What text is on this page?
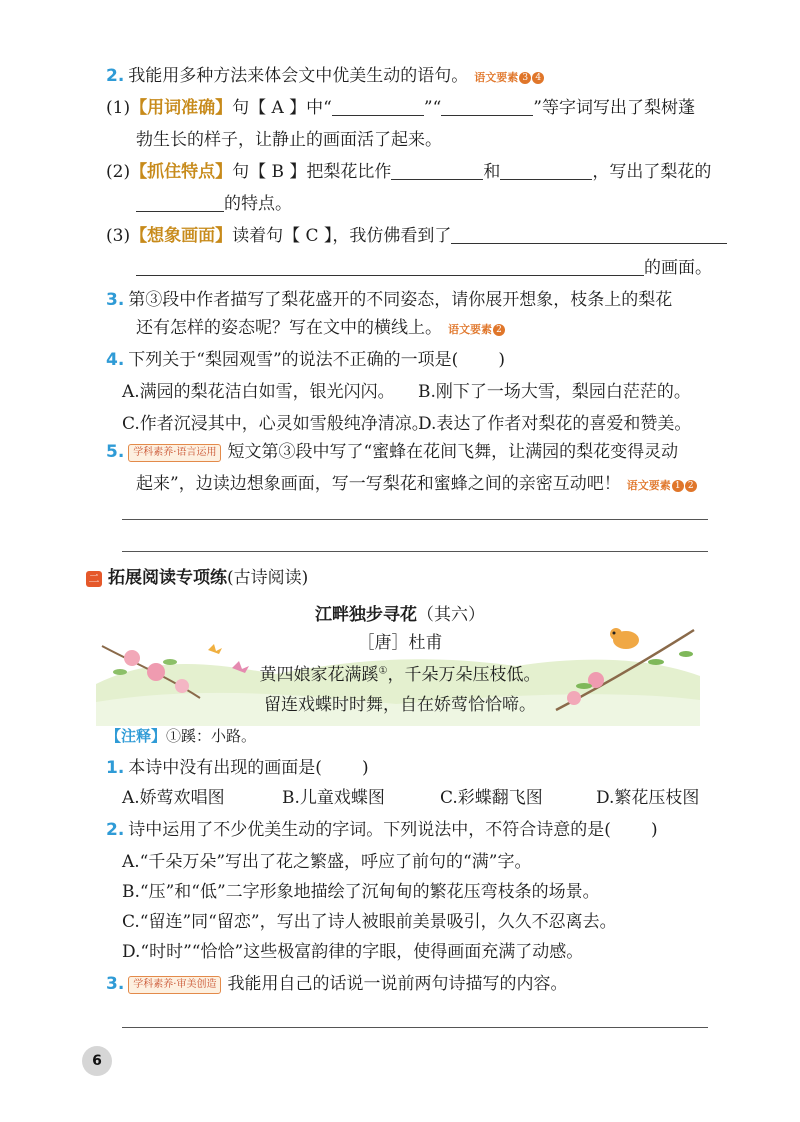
2. 我能用多种方法来体会文中优美生动的语句。 语文要素 3 4
(1)【用词准确】句【 A 】中“	”“	”等字词写出了梨树蓬
勃生长的样子，让静止的画面活了起来。
(2)【抓住特点】句【 B 】把梨花比作	和	，写出了梨花的
的特点。
(3)【想象画面】读着句【 C 】，我仿佛看到了
的画面。
3. 第③段中作者描写了梨花盛开的不同姿态，请你展开想象，枝条上的梨花
还有怎样的姿态呢？写在文中的横线上。 语文要素 2
4. 下列关于“梨园观雪”的说法不正确的一项是( )
A.满园的梨花洁白如雪，银光闪闪。 B.刚下了一场大雪，梨园白茫茫的。
C.作者沉浸其中，心灵如雪般纯净清凉。
D.表达了作者对梨花的喜爱和赞美。
5. 学科素养·语言运用 短文第③段中写了“蜜蜂在花间飞舞，让满园的梨花变得灵动
起来”，边读边想象画面，写一写梨花和蜜蜂之间的亲密互动吧！ 语文要素 1 2
二 拓展阅读专项练(古诗阅读)
江畔独步寻花（其六）
［唐］杜甫
黄四娘家花满蹊①，千朵万朵压枝低。
留连戏蝶时时舞，自在娇莺恰恰啼。
【注释】①蹊：小路。
1. 本诗中没有出现的画面是( )
A.娇莺欢唱图	B.儿童戏蝶图	C.彩蝶翻飞图	D.繁花压枝图
2. 诗中运用了不少优美生动的字词。下列说法中，不符合诗意的是( )
A.“千朵万朵”写出了花之繁盛，呼应了前句的“满”字。
B.“压”和“低”二字形象地描绘了沉甸甸的繁花压弯枝条的场景。
C.“留连”同“留恋”，写出了诗人被眼前美景吸引，久久不忍离去。
D.“时时”“恰恰”这些极富韵律的字眼，使得画面充满了动感。
3. 学科素养·审美创造 我能用自己的话说一说前两句诗描写的内容。
6
